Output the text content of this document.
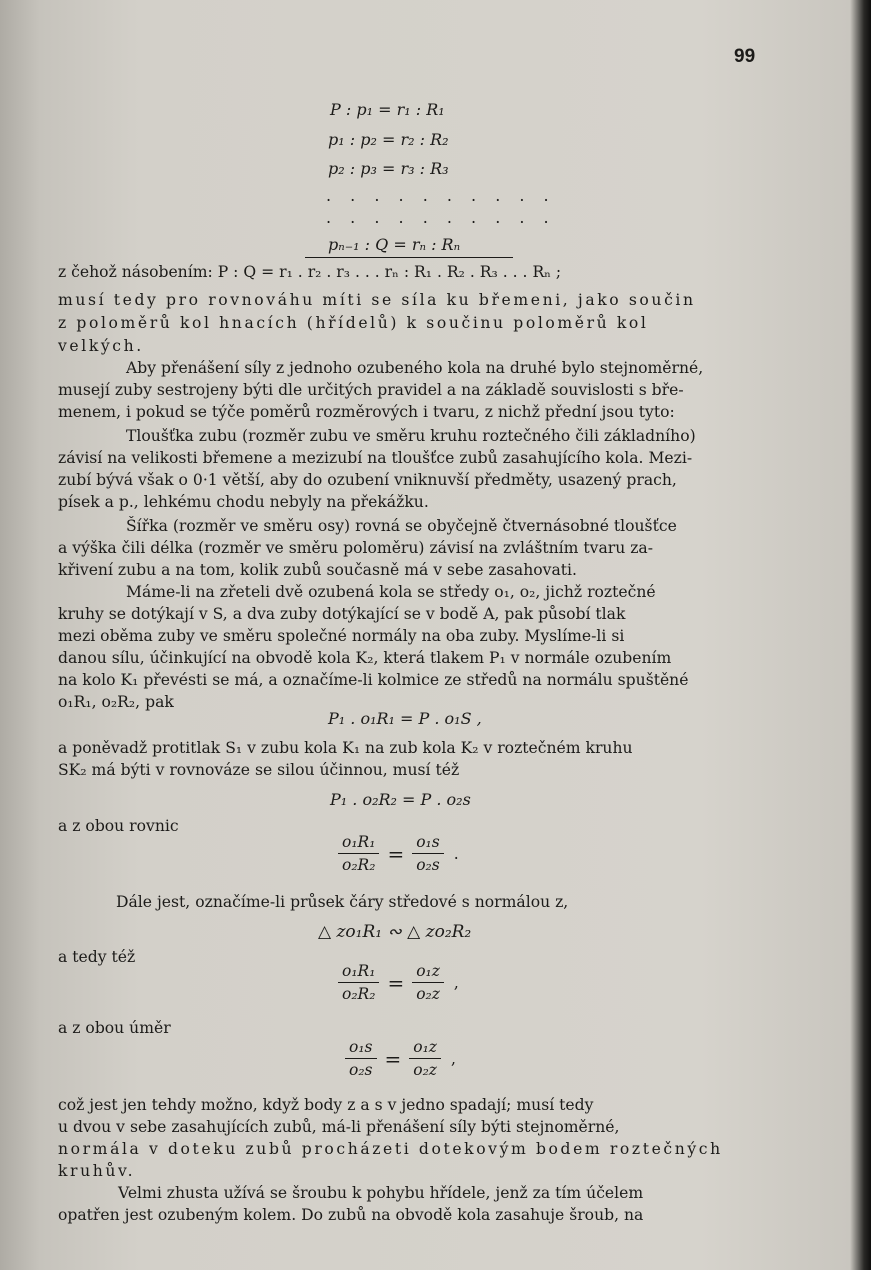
99
P : p₁ = r₁ : R₁
p₁ : p₂ = r₂ : R₂
p₂ : p₃ = r₃ : R₃
. . . . . . . . . .
. . . . . . . . . .
pₙ₋₁ : Q = rₙ : Rₙ
z čehož násobením: P : Q = r₁ . r₂ . r₃ . . . rₙ : R₁ . R₂ . R₃ . . . Rₙ ;
musí tedy pro rovnováhu míti se síla ku břemeni, jako součin
z poloměrů kol hnacích (hřídelů) k součinu poloměrů kol
velkých.
Aby přenášení síly z jednoho ozubeného kola na druhé bylo stejnoměrné,
musejí zuby sestrojeny býti dle určitých pravidel a na základě souvislosti s bře-
menem, i pokud se týče poměrů rozměrových i tvaru, z nichž přední jsou tyto:
Tloušťka zubu (rozměr zubu ve směru kruhu roztečného čili základního)
závisí na velikosti břemene a mezizubí na tloušťce zubů zasahujícího kola. Mezi-
zubí bývá však o 0·1 větší, aby do ozubení vniknuvší předměty, usazený prach,
písek a p., lehkému chodu nebyly na překážku.
Šířka (rozměr ve směru osy) rovná se obyčejně čtvernásobné tloušťce
a výška čili délka (rozměr ve směru poloměru) závisí na zvláštním tvaru za-
křivení zubu a na tom, kolik zubů současně má v sebe zasahovati.
Máme-li na zřeteli dvě ozubená kola se středy o₁, o₂, jichž roztečné
kruhy se dotýkají v S, a dva zuby dotýkající se v bodě A, pak působí tlak
mezi oběma zuby ve směru společné normály na oba zuby. Myslíme-li si
danou sílu, účinkující na obvodě kola K₂, která tlakem P₁ v normále ozubením
na kolo K₁ převésti se má, a označíme-li kolmice ze středů na normálu spuštěné
o₁R₁, o₂R₂, pak
P₁ . o₁R₁ = P . o₁S ,
a poněvadž protitlak S₁ v zubu kola K₁ na zub kola K₂ v roztečném kruhu
SK₂ má býti v rovnováze se silou účinnou, musí též
P₁ . o₂R₂ = P . o₂s
a z obou rovnic
$\frac{\text{o₁R₁}}{\text{o₂R₂}} = \frac{\text{o₁s}}{\text{o₂s}}$ .
Dále jest, označíme-li průsek čáry středové s normálou z,
△ zo₁R₁ ∾ △ zo₂R₂
a tedy též
$\frac{\text{o₁R₁}}{\text{o₂R₂}} = \frac{\text{o₁z}}{\text{o₂z}}$ ,
a z obou úměr
$\frac{\text{o₁s}}{\text{o₂s}} = \frac{\text{o₁z}}{\text{o₂z}}$ ,
což jest jen tehdy možno, když body z a s v jedno spadají; musí tedy
u dvou v sebe zasahujících zubů, má-li přenášení síly býti stejnoměrné,
normála v doteku zubů procházeti dotekovým bodem roztečných
kruhův.
Velmi zhusta užívá se šroubu k pohybu hřídele, jenž za tím účelem
opatřen jest ozubeným kolem. Do zubů na obvodě kola zasahuje šroub, na
